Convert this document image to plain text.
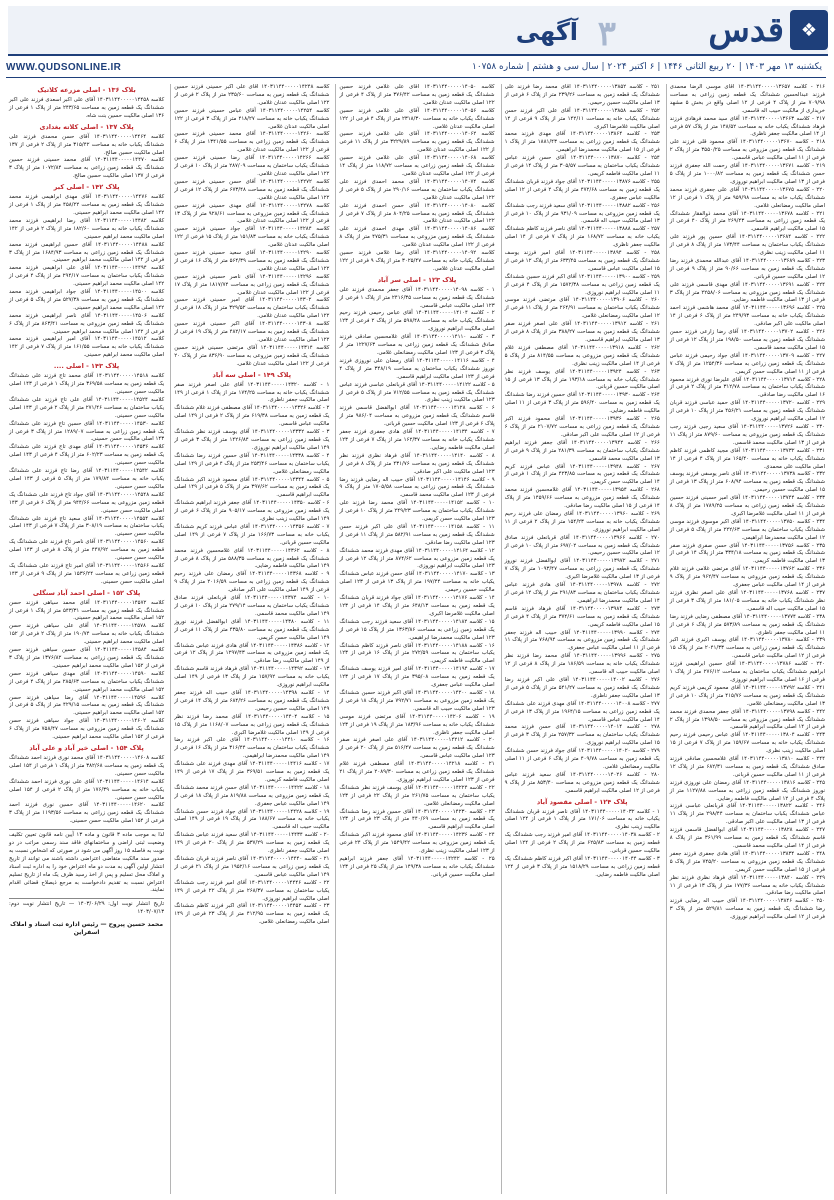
قدس ❖
۳
آگهی
WWW.QUDSONLINE.IR	یکشنبه ۱۳ مهر ۱۴۰۳ | ۲۰ ربیع الثانی ۱۴۴۶ | ۶ اکتبر ۲۰۲۴ | سال سی و هشتم | شماره ۱۰۷۵۸
۲۱۶ - کلاسه ۱۴۰۳۱۱۴۴۰۰۰۰۰۱۳۶۵۷ آقای موسی الرضا محمدی فرزند عبدالحسین ششدانگ یک قطعه زمین زراعی به مساحت ۷۰۹/۹۸ متر از پلاک ۴ فرعی از ۱۲ اصلی واقع در بخش ۵ مشهد خریداری از مالکیت حبیب اله قاسمی.
۲۱۷ - کلاسه ۱۴۰۳۱۱۴۴۰۰۰۰۰۱۳۶۶۳ آقای سید محمد فرهادی فرزند فرهاد ششدانگ یکباب خانه به مساحت ۱۴۸/۵۲ متر از پلاک ۵۷ فرعی از ۱۴ اصلی مالکیت جعفر ناظری.
۲۱۸ - کلاسه ۱۴۰۳۱۱۴۴۰۰۰۰۰۱۳۶۷۰ آقای محمود قلی فرزند علی ششدانگ یک قطعه زمین مزروعی به مساحت ۳۵۵۰/۲۵ متر از پلاک ۲ فرعی از ۱۱ اصلی مالکیت عباس قاسمی.
۲۱۹ - کلاسه ۱۴۰۳۱۱۴۴۰۰۰۰۰۱۳۶۷۱ آقای رحمت الله جعفری فرزند حسن ششدانگ یک قطعه زمین به مساحت ۱۰۰۰/۸۲ متر از پلاک ۵ فرعی از ۱۳ اصلی مالکیت ابراهیم نوروزی.
۲۲۰ - کلاسه ۱۴۰۳۱۱۴۴۰۰۰۰۰۱۳۶۷۵ آقای علی جعفری فرزند محمد ششدانگ یکباب خانه به مساحت ۹۵۹/۹۸ متر از پلاک ۱ فرعی از ۱۲ اصلی مالکیت رمضانعلی غلامی.
۲۲۱ - کلاسه ۱۴۰۳۱۱۴۴۰۰۰۰۰۱۳۶۷۸ آقای محمد ذوالفقار ششدانگ یک قطعه زمین زراعی به مساحت ۲۶۹/۴۳ متر از پلاک ۴۰ فرعی از ۱۵ اصلی مالکیت ابراهیم قاسمی.
۲۲۲ - کلاسه ۱۴۰۳۱۱۴۴۰۰۰۰۰۱۳۶۸۴ آقای حسین پور فرزند علی ششدانگ یکباب ساختمان به مساحت ۱۷۳/۴۴ متر از پلاک ۸ فرعی از ۱۱ اصلی مالکیت زینب نظری.
۲۲۳ - کلاسه ۱۴۰۳۱۱۴۴۰۰۰۰۰۱۳۶۸۹ آقای عبدالله محمدی فرزند رضا ششدانگ یک قطعه زمین به مساحت ۹۰/۶۶ متر از پلاک ۹ فرعی از ۱۲ اصلی مالکیت حسین قربانی.
۲۲۴ - کلاسه ۱۴۰۳۱۱۴۴۰۰۰۰۰۱۳۶۹۱ آقای مهدی قاسمی فرزند علی ششدانگ یک قطعه زمین مزروعی به مساحت ۲۲۵۸/۰۶ متر از پلاک ۳ فرعی از ۱۳ اصلی مالکیت فاطمه رضایی.
۲۲۵ - کلاسه ۱۴۰۳۱۱۴۴۰۰۰۰۰۱۳۶۹۶ آقای محمد هاشمی فرزند احمد ششدانگ یکباب خانه به مساحت ۲۴۹/۹۳ متر از پلاک ۶ فرعی از ۱۴ اصلی مالکیت علی اکبر صادقی.
۲۲۶ - کلاسه ۱۴۰۳۱۱۴۴۰۰۰۰۰۱۳۷۰۲ آقای رضا زارعی فرزند حسن ششدانگ یک قطعه زمین به مساحت ۱۹۸/۵۰ متر از پلاک ۱۲ فرعی از ۱۵ اصلی مالکیت محمد قاسمی.
۲۲۷ - کلاسه ۱۴۰۳۱۱۴۴۰۰۰۰۰۱۳۷۰۹ آقای جواد رحیمی فرزند عباس ششدانگ یک قطعه زمین زراعی به مساحت ۱۲۵۴/۳۶ متر از پلاک ۷ فرعی از ۱۱ اصلی مالکیت حسن کریمی.
۲۲۸ - کلاسه ۱۴۰۳۱۱۴۴۰۰۰۰۰۱۳۷۱۴ آقای علیرضا نوری فرزند محمود ششدانگ یکباب ساختمان به مساحت ۳۱۲/۷۸ متر از پلاک ۲ فرعی از ۱۶ اصلی مالکیت رضا صادقی.
۲۲۹ - کلاسه ۱۴۰۳۱۱۴۴۰۰۰۰۰۱۳۷۲۰ آقای حمید عباسی فرزند قربان ششدانگ یک قطعه زمین به مساحت ۴۵۶/۲۱ متر از پلاک ۱۰ فرعی از ۱۲ اصلی مالکیت ابراهیم نوروزی.
۲۳۰ - کلاسه ۱۴۰۳۱۱۴۴۰۰۰۰۰۱۳۷۲۶ آقای سعید رجبی فرزند رجب ششدانگ یک قطعه زمین مزروعی به مساحت ۸۷۹/۶۰ متر از پلاک ۱۱ فرعی از ۱۳ اصلی مالکیت محمد قاسمی.
۲۳۱ - کلاسه ۱۴۰۳۱۱۴۴۰۰۰۰۰۱۳۷۳۲ آقای مجید کاظمی فرزند کاظم ششدانگ یکباب خانه به مساحت ۱۶۵/۴۰ متر از پلاک ۴ فرعی از ۱۴ اصلی مالکیت علی محمدی.
۲۳۲ - کلاسه ۱۴۰۳۱۱۴۴۰۰۰۰۰۱۳۷۳۸ آقای ناصر یوسفی فرزند یوسف ششدانگ یک قطعه زمین به مساحت ۶۰۸/۹۴ متر از پلاک ۱۳ فرعی از ۱۵ اصلی مالکیت حسین رحیمی.
۲۳۳ - کلاسه ۱۴۰۳۱۱۴۴۰۰۰۰۰۱۳۷۴۴ آقای امیر حسینی فرزند حسین ششدانگ یک قطعه زمین زراعی به مساحت ۱۷۸۹/۲۵ متر از پلاک ۸ فرعی از ۱۱ اصلی مالکیت غلامرضا اکبری.
۲۳۴ - کلاسه ۱۴۰۳۱۱۴۴۰۰۰۰۰۱۳۷۵۰ آقای اکبر موسوی فرزند موسی ششدانگ یکباب ساختمان به مساحت ۲۲۲/۶۳ متر از پلاک ۵ فرعی از ۱۲ اصلی مالکیت محمدرضا ابراهیمی.
۲۳۵ - کلاسه ۱۴۰۳۱۱۴۴۰۰۰۰۰۱۳۷۵۶ آقای حسن صفری فرزند صفر ششدانگ یک قطعه زمین به مساحت ۳۳۴/۱۸ متر از پلاک ۱۴ فرعی از ۱۳ اصلی مالکیت فاطمه کریمی.
۲۳۶ - کلاسه ۱۴۰۳۱۱۴۴۰۰۰۰۰۱۳۷۶۲ آقای مرتضی غلامی فرزند غلام ششدانگ یک قطعه زمین مزروعی به مساحت ۹۶۲/۴۷ متر از پلاک ۹ فرعی از ۱۴ اصلی مالکیت عباس جعفری.
۲۳۷ - کلاسه ۱۴۰۳۱۱۴۴۰۰۰۰۰۱۳۷۶۸ آقای علی اصغر نظری فرزند نظر ششدانگ یکباب خانه به مساحت ۱۸۱/۰۵ متر از پلاک ۳ فرعی از ۱۵ اصلی مالکیت حبیب اله قاسمی.
۲۳۸ - کلاسه ۱۴۰۳۱۱۴۴۰۰۰۰۰۱۳۷۷۴ آقای مصطفی رضایی فرزند رضا ششدانگ یک قطعه زمین به مساحت ۵۷۳/۸۹ متر از پلاک ۶ فرعی از ۱۱ اصلی مالکیت جعفر ناظری.
۲۳۹ - کلاسه ۱۴۰۳۱۱۴۴۰۰۰۰۰۱۳۷۸۰ آقای یوسف اکبری فرزند اکبر ششدانگ یک قطعه زمین زراعی به مساحت ۲۰۴۱/۳۳ متر از پلاک ۱۵ فرعی از ۱۲ اصلی مالکیت عباس قاسمی.
۲۴۰ - کلاسه ۱۴۰۳۱۱۴۴۰۰۰۰۰۱۳۷۸۶ آقای حسین ابراهیمی فرزند ابراهیم ششدانگ یکباب ساختمان به مساحت ۲۷۶/۱۲ متر از پلاک ۱ فرعی از ۱۶ اصلی مالکیت ابراهیم نوروزی.
۲۴۱ - کلاسه ۱۴۰۳۱۱۴۴۰۰۰۰۰۱۳۷۹۲ آقای محمود کریمی فرزند کریم ششدانگ یک قطعه زمین به مساحت ۴۱۵/۷۶ متر از پلاک ۱۰ فرعی از ۱۳ اصلی مالکیت رمضانعلی غلامی.
۲۴۲ - کلاسه ۱۴۰۳۱۱۴۴۰۰۰۰۰۱۳۷۹۸ آقای جعفر محمدی فرزند محمد ششدانگ یک قطعه زمین مزروعی به مساحت ۱۳۹۸/۵۰ متر از پلاک ۲ فرعی از ۱۴ اصلی مالکیت ابراهیم قاسمی.
۲۴۳ - کلاسه ۱۴۰۳۱۱۴۴۰۰۰۰۰۱۳۸۰۴ آقای عباس رحیمی فرزند رحیم ششدانگ یکباب خانه به مساحت ۱۵۹/۶۷ متر از پلاک ۷ فرعی از ۱۵ اصلی مالکیت زینب نظری.
۲۴۴ - کلاسه ۱۴۰۳۱۱۴۴۰۰۰۰۰۱۳۸۱۰ آقای غلامحسین صادقی فرزند صادق ششدانگ یک قطعه زمین به مساحت ۶۸۲/۳۱ متر از پلاک ۱۲ فرعی از ۱۱ اصلی مالکیت حسین قربانی.
۲۴۵ - کلاسه ۱۴۰۳۱۱۴۴۰۰۰۰۰۱۳۸۱۶ آقای رمضان علی نوروزی فرزند نوروز ششدانگ یک قطعه زمین زراعی به مساحت ۱۱۲۷/۸۸ متر از پلاک ۴ فرعی از ۱۲ اصلی مالکیت فاطمه رضایی.
۲۴۶ - کلاسه ۱۴۰۳۱۱۴۴۰۰۰۰۰۱۳۸۲۲ آقای قربانعلی عباسی فرزند عباس ششدانگ یکباب ساختمان به مساحت ۲۹۸/۴۴ متر از پلاک ۱۱ فرعی از ۱۳ اصلی مالکیت علی اکبر صادقی.
۲۴۷ - کلاسه ۱۴۰۳۱۱۴۴۰۰۰۰۰۱۳۸۲۸ آقای ابوالفضل قاسمی فرزند قاسم ششدانگ یک قطعه زمین به مساحت ۳۶۱/۹۹ متر از پلاک ۸ فرعی از ۱۴ اصلی مالکیت محمد قاسمی.
۲۴۸ - کلاسه ۱۴۰۳۱۱۴۴۰۰۰۰۰۱۳۸۳۴ آقای هادی جعفری فرزند جعفر ششدانگ یک قطعه زمین مزروعی به مساحت ۷۴۵/۲۰ متر از پلاک ۵ فرعی از ۱۵ اصلی مالکیت حسن کریمی.
۲۴۹ - کلاسه ۱۴۰۳۱۱۴۴۰۰۰۰۰۱۳۸۴۰ آقای فرهاد نظری فرزند نظر ششدانگ یکباب خانه به مساحت ۱۷۷/۳۶ متر از پلاک ۱۳ فرعی از ۱۱ اصلی مالکیت رضا صادقی.
۲۵۰ - کلاسه ۱۴۰۳۱۱۴۴۰۰۰۰۰۱۳۸۴۶ آقای حبیب اله رضایی فرزند رضا ششدانگ یک قطعه زمین به مساحت ۵۲۹/۸۱ متر از پلاک ۳ فرعی از ۱۲ اصلی مالکیت ابراهیم نوروزی.
۲۵۱ - کلاسه ۱۴۰۳۱۱۴۴۰۰۰۰۰۱۳۸۵۲ آقای محمد رضا فرزند علی ششدانگ یک قطعه زمین به مساحت ۲۳۹/۲۶ متر از پلاک ۶ فرعی از ۱۳ اصلی مالکیت حسین رحیمی.
۲۵۲ - کلاسه ۱۴۰۳۱۱۴۴۰۰۰۰۰۱۳۸۵۸ آقای علی اکبر فرزند حسن ششدانگ یکباب خانه به مساحت ۱۴۲/۱۱ متر از پلاک ۹ فرعی از ۱۴ اصلی مالکیت غلامرضا اکبری.
۲۵۳ - کلاسه ۱۴۰۳۱۱۴۴۰۰۰۰۰۱۳۸۶۴ آقای مهدی فرزند محمد ششدانگ یک قطعه زمین زراعی به مساحت ۱۸۸۱/۴۳ متر از پلاک ۱ فرعی از ۱۵ اصلی مالکیت محمدرضا ابراهیمی.
۲۵۴ - کلاسه ۱۴۰۳۱۱۴۴۰۰۰۰۰۱۳۸۷۰ آقای حسن فرزند عباس ششدانگ یکباب ساختمان به مساحت ۳۰۵/۵۷ متر از پلاک ۱۴ فرعی از ۱۱ اصلی مالکیت فاطمه کریمی.
۲۵۵ - کلاسه ۱۴۰۳۱۱۴۴۰۰۰۰۰۱۳۸۷۶ آقای جواد فرزند قربان ششدانگ یک قطعه زمین به مساحت ۴۷۲/۶۸ متر از پلاک ۲ فرعی از ۱۲ اصلی مالکیت عباس جعفری.
۲۵۶ - کلاسه ۱۴۰۳۱۱۴۴۰۰۰۰۰۱۳۸۸۲ آقای سعید فرزند رجب ششدانگ یک قطعه زمین مزروعی به مساحت ۹۳۱/۰۹ متر از پلاک ۱۰ فرعی از ۱۳ اصلی مالکیت حبیب اله قاسمی.
۲۵۷ - کلاسه ۱۴۰۳۱۱۴۴۰۰۰۰۰۱۳۸۸۸ آقای ناصر فرزند کاظم ششدانگ یکباب خانه به مساحت ۱۶۸/۷۲ متر از پلاک ۷ فرعی از ۱۴ اصلی مالکیت جعفر ناظری.
۲۵۸ - کلاسه ۱۴۰۳۱۱۴۴۰۰۰۰۰۱۳۸۹۴ آقای امیر فرزند یوسف ششدانگ یک قطعه زمین به مساحت ۶۳۳/۴۵ متر از پلاک ۱۲ فرعی از ۱۵ اصلی مالکیت عباس قاسمی.
۲۵۹ - کلاسه ۱۴۰۳۱۱۴۴۰۰۰۰۰۱۳۹۰۰ آقای اکبر فرزند حسین ششدانگ یک قطعه زمین زراعی به مساحت ۱۵۷۲/۳۸ متر از پلاک ۴ فرعی از ۱۱ اصلی مالکیت ابراهیم نوروزی.
۲۶۰ - کلاسه ۱۴۰۳۱۱۴۴۰۰۰۰۰۱۳۹۰۶ آقای مرتضی فرزند موسی ششدانگ یکباب ساختمان به مساحت ۲۶۴/۹۱ متر از پلاک ۱۱ فرعی از ۱۲ اصلی مالکیت رمضانعلی غلامی.
۲۶۱ - کلاسه ۱۴۰۳۱۱۴۴۰۰۰۰۰۱۳۹۱۲ آقای علی اصغر فرزند صفر ششدانگ یک قطعه زمین به مساحت ۳۸۸/۲۷ متر از پلاک ۸ فرعی از ۱۳ اصلی مالکیت ابراهیم قاسمی.
۲۶۲ - کلاسه ۱۴۰۳۱۱۴۴۰۰۰۰۰۱۳۹۱۸ آقای مصطفی فرزند غلام ششدانگ یک قطعه زمین مزروعی به مساحت ۸۱۴/۵۵ متر از پلاک ۵ فرعی از ۱۴ اصلی مالکیت زینب نظری.
۲۶۳ - کلاسه ۱۴۰۳۱۱۴۴۰۰۰۰۰۱۳۹۲۴ آقای یوسف فرزند نظر ششدانگ یکباب خانه به مساحت ۱۹۳/۱۸ متر از پلاک ۱۳ فرعی از ۱۵ اصلی مالکیت حسین قربانی.
۲۶۴ - کلاسه ۱۴۰۳۱۱۴۴۰۰۰۰۰۱۳۹۳۰ آقای حسین فرزند رضا ششدانگ یک قطعه زمین به مساحت ۵۹۶/۴۰ متر از پلاک ۳ فرعی از ۱۱ اصلی مالکیت فاطمه رضایی.
۲۶۵ - کلاسه ۱۴۰۳۱۱۴۴۰۰۰۰۰۱۳۹۳۶ آقای محمود فرزند اکبر ششدانگ یک قطعه زمین زراعی به مساحت ۲۱۰۷/۷۲ متر از پلاک ۶ فرعی از ۱۲ اصلی مالکیت علی اکبر صادقی.
۲۶۶ - کلاسه ۱۴۰۳۱۱۴۴۰۰۰۰۰۱۳۹۴۲ آقای جعفر فرزند ابراهیم ششدانگ یکباب ساختمان به مساحت ۲۸۱/۳۹ متر از پلاک ۹ فرعی از ۱۳ اصلی مالکیت محمد قاسمی.
۲۶۷ - کلاسه ۱۴۰۳۱۱۴۴۰۰۰۰۰۱۳۹۴۸ آقای عباس فرزند کریم ششدانگ یک قطعه زمین به مساحت ۴۲۳/۸۵ متر از پلاک ۱ فرعی از ۱۴ اصلی مالکیت حسن کریمی.
۲۶۸ - کلاسه ۱۴۰۳۱۱۴۴۰۰۰۰۰۱۳۹۵۴ آقای غلامحسین فرزند محمد ششدانگ یک قطعه زمین مزروعی به مساحت ۱۴۵۹/۶۶ متر از پلاک ۱۴ فرعی از ۱۵ اصلی مالکیت رضا صادقی.
۲۶۹ - کلاسه ۱۴۰۳۱۱۴۴۰۰۰۰۰۱۳۹۶۰ آقای رمضان علی فرزند رحیم ششدانگ یکباب خانه به مساحت ۱۵۴/۲۳ متر از پلاک ۲ فرعی از ۱۱ اصلی مالکیت ابراهیم نوروزی.
۲۷۰ - کلاسه ۱۴۰۳۱۱۴۴۰۰۰۰۰۱۳۹۶۶ آقای قربانعلی فرزند صادق ششدانگ یک قطعه زمین به مساحت ۶۹۷/۰۲ متر از پلاک ۱۰ فرعی از ۱۲ اصلی مالکیت حسین رحیمی.
۲۷۱ - کلاسه ۱۴۰۳۱۱۴۴۰۰۰۰۰۱۳۹۷۲ آقای ابوالفضل فرزند نوروز ششدانگ یک قطعه زمین زراعی به مساحت ۱۰۹۳/۴۷ متر از پلاک ۷ فرعی از ۱۳ اصلی مالکیت غلامرضا اکبری.
۲۷۲ - کلاسه ۱۴۰۳۱۱۴۴۰۰۰۰۰۱۳۹۷۸ آقای هادی فرزند عباس ششدانگ یکباب ساختمان به مساحت ۲۹۱/۸۳ متر از پلاک ۱۲ فرعی از ۱۴ اصلی مالکیت محمدرضا ابراهیمی.
۲۷۳ - کلاسه ۱۴۰۳۱۱۴۴۰۰۰۰۰۱۳۹۸۴ آقای فرهاد فرزند قاسم ششدانگ یک قطعه زمین به مساحت ۳۷۴/۶۱ متر از پلاک ۴ فرعی از ۱۵ اصلی مالکیت فاطمه کریمی.
۲۷۴ - کلاسه ۱۴۰۳۱۱۴۴۰۰۰۰۰۱۳۹۹۰ آقای حبیب اله فرزند جعفر ششدانگ یک قطعه زمین مزروعی به مساحت ۷۶۸/۹۴ متر از پلاک ۱۱ فرعی از ۱۱ اصلی مالکیت عباس جعفری.
۲۷۵ - کلاسه ۱۴۰۳۱۱۴۴۰۰۰۰۰۱۳۹۹۶ آقای محمد رضا فرزند نظر ششدانگ یکباب خانه به مساحت ۱۸۶/۵۹ متر از پلاک ۸ فرعی از ۱۲ اصلی مالکیت حبیب اله قاسمی.
۲۷۶ - کلاسه ۱۴۰۳۱۱۴۴۰۰۰۰۰۱۴۰۰۲ آقای علی اکبر فرزند رضا ششدانگ یک قطعه زمین به مساحت ۵۴۱/۲۷ متر از پلاک ۵ فرعی از ۱۳ اصلی مالکیت جعفر ناظری.
۲۷۷ - کلاسه ۱۴۰۳۱۱۴۴۰۰۰۰۰۱۴۰۰۸ آقای مهدی فرزند علی ششدانگ یک قطعه زمین زراعی به مساحت ۱۹۶۴/۱۵ متر از پلاک ۱۳ فرعی از ۱۴ اصلی مالکیت عباس قاسمی.
۲۷۸ - کلاسه ۱۴۰۳۱۱۴۴۰۰۰۰۰۱۴۰۱۴ آقای حسن فرزند محمد ششدانگ یکباب ساختمان به مساحت ۲۵۷/۳۲ متر از پلاک ۳ فرعی از ۱۵ اصلی مالکیت ابراهیم نوروزی.
۲۷۹ - کلاسه ۱۴۰۳۱۱۴۴۰۰۰۰۰۱۴۰۲۰ آقای جواد فرزند حسن ششدانگ یک قطعه زمین به مساحت ۴۰۹/۷۸ متر از پلاک ۶ فرعی از ۱۱ اصلی مالکیت رمضانعلی غلامی.
۲۸۰ - کلاسه ۱۴۰۳۱۱۴۴۰۰۰۰۰۱۴۰۲۶ آقای سعید فرزند عباس ششدانگ یک قطعه زمین مزروعی به مساحت ۸۵۳/۴۰ متر از پلاک ۹ فرعی از ۱۲ اصلی مالکیت ابراهیم قاسمی.
پلاک ۱۲۴ - اصلی مقصود آباد
۱ - کلاسه ۱۴۰۳۱۱۴۴۰۰۰۰۰۱۴۰۳۲ آقای ناصر فرزند قربان ششدانگ یکباب خانه به مساحت ۱۷۱/۰۶ متر از پلاک ۱ فرعی از ۱۲۴ اصلی مالکیت زینب نظری.
۲ - کلاسه ۱۴۰۳۱۱۴۴۰۰۰۰۰۱۴۰۳۸ آقای امیر فرزند رجب ششدانگ یک قطعه زمین به مساحت ۶۲۵/۸۳ متر از پلاک ۲ فرعی از ۱۲۴ اصلی مالکیت حسین قربانی.
۳ - کلاسه ۱۴۰۳۱۱۴۴۰۰۰۰۰۱۴۰۴۴ آقای اکبر فرزند کاظم ششدانگ یک قطعه زمین زراعی به مساحت ۱۵۱۸/۲۹ متر از پلاک ۳ فرعی از ۱۲۴ اصلی مالکیت فاطمه رضایی.
کلاسه ۱۴۰۳۱۱۴۴۰۰۰۰۰۱۴۰۵۰ آقای علی غلامی فرزند حسین ششدانگ یک قطعه زمین به مساحت ۳۷۶/۴۲ متر از پلاک ۴ فرعی از ۱۲۲ اصلی مالکیت عدنان غلامی.
کلاسه ۱۴۰۳۱۱۴۴۰۰۰۰۰۱۴۰۵۶ آقای علی غلامی فرزند حسین ششدانگ یکباب خانه به مساحت ۲۳۱۸/۳۰ متر از پلاک ۴ فرعی از ۱۲۲ اصلی مالکیت عدنان غلامی.
کلاسه ۱۴۰۳۱۱۴۴۰۰۰۰۰۱۴۰۶۲ آقای علی غلامی فرزند حسین ششدانگ یک قطعه زمین به مساحت ۳۲۲۹/۸۹ متر از پلاک ۱۱ فرعی از ۱۲۲ اصلی مالکیت عدنان غلامی.
کلاسه ۱۴۰۳۱۱۴۴۰۰۰۰۰۱۴۰۶۸ آقای علی غلامی فرزند حسین ششدانگ یک قطعه زمین زراعی به مساحت ۱۱۸/۷۲ متر از پلاک ۱۴ فرعی از ۱۲۲ اصلی مالکیت عدنان غلامی.
کلاسه ۱۴۰۳۱۱۴۴۰۰۰۰۰۱۴۰۷۴ آقای محمد احمدی فرزند علی ششدانگ یکباب ساختمان به مساحت ۲۹۰/۱۶ متر از پلاک ۵ فرعی از ۱۲۲ اصلی مالکیت عدنان غلامی.
کلاسه ۱۴۰۳۱۱۴۴۰۰۰۰۰۱۴۰۸۰ آقای حسن احمدی فرزند علی ششدانگ یک قطعه زمین به مساحت ۸۰۴/۲۵ متر از پلاک ۷ فرعی از ۱۲۲ اصلی مالکیت عدنان غلامی.
کلاسه ۱۴۰۳۱۱۴۴۰۰۰۰۰۱۴۰۸۶ آقای مهدی احمدی فرزند علی ششدانگ یک قطعه زمین مزروعی به مساحت ۴۷۵/۳۱ متر از پلاک ۸ فرعی از ۱۲۲ اصلی مالکیت عدنان غلامی.
کلاسه ۱۴۰۳۱۱۴۴۰۰۰۰۰۱۴۰۹۲ آقای رضا غلامی فرزند حسین ششدانگ یکباب خانه به مساحت ۳۰۲۵/۴۷ متر از پلاک ۹ فرعی از ۱۲۲ اصلی مالکیت عدنان غلامی.
پلاک ۱۲۳ - اصلی سر آباد
۱ - کلاسه ۱۴۰۳۱۱۴۴۰۰۰۰۰۱۴۰۹۸ آقای جعفر محمدی فرزند علی ششدانگ یک قطعه زمین به مساحت ۲۴۱۶/۳۵ متر از پلاک ۱ فرعی از ۱۲۳ اصلی مالکیت عباس قاسمی.
۲ - کلاسه ۱۴۰۳۱۱۴۴۰۰۰۰۰۱۴۱۰۴ آقای عباس رحیمی فرزند رحیم ششدانگ یکباب خانه به مساحت ۵۹۸/۴۸ متر از پلاک ۲ فرعی از ۱۲۳ اصلی مالکیت ابراهیم نوروزی.
۳ - کلاسه ۱۴۰۳۱۱۴۴۰۰۰۰۰۱۴۱۱۰ آقای غلامحسین صادقی فرزند صادق ششدانگ یک قطعه زمین زراعی به مساحت ۱۲۲۷/۶۳ متر از پلاک ۳ فرعی از ۱۲۳ اصلی مالکیت رمضانعلی غلامی.
۴ - کلاسه ۱۴۰۳۱۱۴۴۰۰۰۰۰۱۴۱۱۶ آقای رمضان علی نوروزی فرزند نوروز ششدانگ یکباب ساختمان به مساحت ۳۴۸/۱۹ متر از پلاک ۴ فرعی از ۱۲۳ اصلی مالکیت ابراهیم قاسمی.
۵ - کلاسه ۱۴۰۳۱۱۴۴۰۰۰۰۰۱۴۱۲۲ آقای قربانعلی عباسی فرزند عباس ششدانگ یک قطعه زمین به مساحت ۷۱۲/۵۵ متر از پلاک ۵ فرعی از ۱۲۳ اصلی مالکیت زینب نظری.
۶ - کلاسه ۱۴۰۳۱۱۴۴۰۰۰۰۰۱۴۱۲۸ آقای ابوالفضل قاسمی فرزند قاسم ششدانگ یک قطعه زمین مزروعی به مساحت ۹۸۶/۰۴ متر از پلاک ۶ فرعی از ۱۲۳ اصلی مالکیت حسین قربانی.
۷ - کلاسه ۱۴۰۳۱۱۴۴۰۰۰۰۰۱۴۱۳۴ آقای هادی جعفری فرزند جعفر ششدانگ یکباب خانه به مساحت ۱۶۲/۳۷ متر از پلاک ۷ فرعی از ۱۲۳ اصلی مالکیت فاطمه رضایی.
۸ - کلاسه ۱۴۰۳۱۱۴۴۰۰۰۰۰۱۴۱۴۰ آقای فرهاد نظری فرزند نظر ششدانگ یک قطعه زمین به مساحت ۴۳۱/۷۶ متر از پلاک ۸ فرعی از ۱۲۳ اصلی مالکیت علی اکبر صادقی.
۹ - کلاسه ۱۴۰۳۱۱۴۴۰۰۰۰۰۱۴۱۴۶ آقای حبیب اله رضایی فرزند رضا ششدانگ یک قطعه زمین زراعی به مساحت ۱۷۰۵/۵۸ متر از پلاک ۹ فرعی از ۱۲۳ اصلی مالکیت محمد قاسمی.
۱۰ - کلاسه ۱۴۰۳۱۱۴۴۰۰۰۰۰۱۴۱۵۲ آقای محمد رضا فرزند علی ششدانگ یکباب ساختمان به مساحت ۲۴۹/۲۳ متر از پلاک ۱۰ فرعی از ۱۲۳ اصلی مالکیت حسن کریمی.
۱۱ - کلاسه ۱۴۰۳۱۱۴۴۰۰۰۰۰۱۴۱۵۸ آقای علی اکبر فرزند حسن ششدانگ یک قطعه زمین به مساحت ۵۸۲/۹۱ متر از پلاک ۱۱ فرعی از ۱۲۳ اصلی مالکیت رضا صادقی.
۱۲ - کلاسه ۱۴۰۳۱۱۴۴۰۰۰۰۰۱۴۱۶۴ آقای مهدی فرزند محمد ششدانگ یک قطعه زمین مزروعی به مساحت ۸۷۴/۶۲ متر از پلاک ۱۲ فرعی از ۱۲۳ اصلی مالکیت ابراهیم نوروزی.
۱۳ - کلاسه ۱۴۰۳۱۱۴۴۰۰۰۰۰۱۴۱۷۰ آقای حسن فرزند عباس ششدانگ یکباب خانه به مساحت ۱۹۷/۴۴ متر از پلاک ۱۳ فرعی از ۱۲۳ اصلی مالکیت حسین رحیمی.
۱۴ - کلاسه ۱۴۰۳۱۱۴۴۰۰۰۰۰۱۴۱۷۶ آقای جواد فرزند قربان ششدانگ یک قطعه زمین به مساحت ۶۴۸/۱۳ متر از پلاک ۱۴ فرعی از ۱۲۳ اصلی مالکیت غلامرضا اکبری.
۱۵ - کلاسه ۱۴۰۳۱۱۴۴۰۰۰۰۰۱۴۱۸۲ آقای سعید فرزند رجب ششدانگ یک قطعه زمین زراعی به مساحت ۱۳۶۳/۸۶ متر از پلاک ۱۵ فرعی از ۱۲۳ اصلی مالکیت محمدرضا ابراهیمی.
۱۶ - کلاسه ۱۴۰۳۱۱۴۴۰۰۰۰۰۱۴۱۸۸ آقای ناصر فرزند کاظم ششدانگ یکباب ساختمان به مساحت ۲۷۲/۵۹ متر از پلاک ۱۶ فرعی از ۱۲۳ اصلی مالکیت فاطمه کریمی.
۱۷ - کلاسه ۱۴۰۳۱۱۴۴۰۰۰۰۰۱۴۱۹۴ آقای امیر فرزند یوسف ششدانگ یک قطعه زمین به مساحت ۳۹۵/۰۸ متر از پلاک ۱۷ فرعی از ۱۲۳ اصلی مالکیت عباس جعفری.
۱۸ - کلاسه ۱۴۰۳۱۱۴۴۰۰۰۰۰۱۴۲۰۰ آقای اکبر فرزند حسین ششدانگ یک قطعه زمین مزروعی به مساحت ۷۹۲/۷۱ متر از پلاک ۱۸ فرعی از ۱۲۳ اصلی مالکیت حبیب اله قاسمی.
۱۹ - کلاسه ۱۴۰۳۱۱۴۴۰۰۰۰۰۱۴۲۰۶ آقای مرتضی فرزند موسی ششدانگ یکباب خانه به مساحت ۱۸۳/۹۶ متر از پلاک ۱۹ فرعی از ۱۲۳ اصلی مالکیت جعفر ناظری.
۲۰ - کلاسه ۱۴۰۳۱۱۴۴۰۰۰۰۰۱۴۲۱۲ آقای علی اصغر فرزند صفر ششدانگ یک قطعه زمین به مساحت ۵۱۶/۴۷ متر از پلاک ۲۰ فرعی از ۱۲۳ اصلی مالکیت عباس قاسمی.
۲۱ - کلاسه ۱۴۰۳۱۱۴۴۰۰۰۰۰۱۴۲۱۸ آقای مصطفی فرزند غلام ششدانگ یک قطعه زمین زراعی به مساحت ۲۰۸۹/۳۰ متر از پلاک ۲۱ فرعی از ۱۲۳ اصلی مالکیت ابراهیم نوروزی.
۲۲ - کلاسه ۱۴۰۳۱۱۴۴۰۰۰۰۰۱۴۲۲۴ آقای یوسف فرزند نظر ششدانگ یکباب ساختمان به مساحت ۲۶۱/۷۵ متر از پلاک ۲۲ فرعی از ۱۲۳ اصلی مالکیت رمضانعلی غلامی.
۲۳ - کلاسه ۱۴۰۳۱۱۴۴۰۰۰۰۰۱۴۲۳۰ آقای حسین فرزند رضا ششدانگ یک قطعه زمین به مساحت ۴۴۰/۶۹ متر از پلاک ۲۳ فرعی از ۱۲۳ اصلی مالکیت ابراهیم قاسمی.
۲۴ - کلاسه ۱۴۰۳۱۱۴۴۰۰۰۰۰۱۴۲۳۶ آقای محمود فرزند اکبر ششدانگ یک قطعه زمین مزروعی به مساحت ۱۵۴۹/۴۲ متر از پلاک ۲۴ فرعی از ۱۲۳ اصلی مالکیت زینب نظری.
۲۵ - کلاسه ۱۴۰۳۱۱۴۴۰۰۰۰۰۱۴۲۴۲ آقای جعفر فرزند ابراهیم ششدانگ یکباب خانه به مساحت ۱۴۹/۳۸ متر از پلاک ۲۵ فرعی از ۱۲۳ اصلی مالکیت حسین قربانی.
کلاسه ۱۴۰۳۱۱۴۴۰۰۰۰۰۱۴۲۴۸ آقای علی اکبر حسینی فرزند حسین ششدانگ یک قطعه زمین به مساحت ۲۳۵/۶۰ متر از پلاک ۲ فرعی از ۱۲۲ اصلی مالکیت عدنان غلامی.
کلاسه ۱۴۰۳۱۱۴۴۰۰۰۰۰۱۴۲۵۴ آقای عباس حسینی فرزند حسین ششدانگ یکباب خانه به مساحت ۴۱۸/۲۷ متر از پلاک ۳ فرعی از ۱۲۲ اصلی مالکیت عدنان غلامی.
کلاسه ۱۴۰۳۱۱۴۴۰۰۰۰۰۱۴۲۶۰ آقای محمد حسینی فرزند حسین ششدانگ یک قطعه زمین زراعی به مساحت ۱۳۴۱/۵۵ متر از پلاک ۶ فرعی از ۱۲۲ اصلی مالکیت عدنان غلامی.
کلاسه ۱۴۰۳۱۱۴۴۰۰۰۰۰۱۴۲۶۶ آقای رضا حسینی فرزند حسین ششدانگ یکباب ساختمان به مساحت ۲۸۷/۰۹ متر از پلاک ۱۰ فرعی از ۱۲۲ اصلی مالکیت عدنان غلامی.
کلاسه ۱۴۰۳۱۱۴۴۰۰۰۰۰۱۴۲۷۲ آقای حسن حسینی فرزند حسین ششدانگ یک قطعه زمین به مساحت ۶۷۳/۴۸ متر از پلاک ۱۲ فرعی از ۱۲۲ اصلی مالکیت عدنان غلامی.
کلاسه ۱۴۰۳۱۱۴۴۰۰۰۰۰۱۴۲۷۸ آقای مهدی حسینی فرزند حسین ششدانگ یک قطعه زمین مزروعی به مساحت ۹۲۸/۶۱ متر از پلاک ۱۳ فرعی از ۱۲۲ اصلی مالکیت عدنان غلامی.
کلاسه ۱۴۰۳۱۱۴۴۰۰۰۰۰۱۴۲۸۴ آقای جواد حسینی فرزند حسین ششدانگ یکباب خانه به مساحت ۱۵۱/۸۳ متر از پلاک ۱۵ فرعی از ۱۲۲ اصلی مالکیت عدنان غلامی.
کلاسه ۱۴۰۳۱۱۴۴۰۰۰۰۰۱۴۲۹۰ آقای سعید حسینی فرزند حسین ششدانگ یک قطعه زمین به مساحت ۵۶۴/۳۹ متر از پلاک ۱۶ فرعی از ۱۲۲ اصلی مالکیت عدنان غلامی.
کلاسه ۱۴۰۳۱۱۴۴۰۰۰۰۰۱۴۲۹۶ آقای ناصر حسینی فرزند حسین ششدانگ یک قطعه زمین زراعی به مساحت ۱۸۱۷/۷۴ متر از پلاک ۱۷ فرعی از ۱۲۲ اصلی مالکیت عدنان غلامی.
کلاسه ۱۴۰۳۱۱۴۴۰۰۰۰۰۱۴۳۰۲ آقای امیر حسینی فرزند حسین ششدانگ یکباب ساختمان به مساحت ۳۲۹/۵۲ متر از پلاک ۱۸ فرعی از ۱۲۲ اصلی مالکیت عدنان غلامی.
کلاسه ۱۴۰۳۱۱۴۴۰۰۰۰۰۱۴۳۰۸ آقای اکبر حسینی فرزند حسین ششدانگ یک قطعه زمین به مساحت ۴۸۲/۱۷ متر از پلاک ۱۹ فرعی از ۱۲۲ اصلی مالکیت عدنان غلامی.
کلاسه ۱۴۰۳۱۱۴۴۰۰۰۰۰۱۴۳۱۴ آقای مرتضی حسینی فرزند حسین ششدانگ یک قطعه زمین مزروعی به مساحت ۸۳۶/۹۰ متر از پلاک ۲۰ فرعی از ۱۲۲ اصلی مالکیت عدنان غلامی.
پلاک ۱۴۹ - اصلی سه آباد
۱ - کلاسه ۱۴۰۳۱۱۴۴۰۰۰۰۰۱۴۳۲۰ آقای علی اصغر فرزند صفر ششدانگ یکباب خانه به مساحت ۱۷۴/۲۵ متر از پلاک ۱ فرعی از ۱۴۹ اصلی مالکیت جعفر ناظری.
۲ - کلاسه ۱۴۰۳۱۱۴۴۰۰۰۰۰۱۴۳۲۶ آقای مصطفی فرزند غلام ششدانگ یک قطعه زمین به مساحت ۶۱۹/۳۸ متر از پلاک ۲ فرعی از ۱۴۹ اصلی مالکیت عباس قاسمی.
۳ - کلاسه ۱۴۰۳۱۱۴۴۰۰۰۰۰۱۴۳۳۲ آقای یوسف فرزند نظر ششدانگ یک قطعه زمین زراعی به مساحت ۱۴۲۶/۸۴ متر از پلاک ۳ فرعی از ۱۴۹ اصلی مالکیت ابراهیم نوروزی.
۴ - کلاسه ۱۴۰۳۱۱۴۴۰۰۰۰۰۱۴۳۳۸ آقای حسین فرزند رضا ششدانگ یکباب ساختمان به مساحت ۲۵۳/۴۶ متر از پلاک ۴ فرعی از ۱۴۹ اصلی مالکیت رمضانعلی غلامی.
۵ - کلاسه ۱۴۰۳۱۱۴۴۰۰۰۰۰۱۴۳۴۴ آقای محمود فرزند اکبر ششدانگ یک قطعه زمین به مساحت ۳۹۷/۶۲ متر از پلاک ۵ فرعی از ۱۴۹ اصلی مالکیت ابراهیم قاسمی.
۶ - کلاسه ۱۴۰۳۱۱۴۴۰۰۰۰۰۱۴۳۵۰ آقای جعفر فرزند ابراهیم ششدانگ یک قطعه زمین مزروعی به مساحت ۹۰۵/۱۷ متر از پلاک ۶ فرعی از ۱۴۹ اصلی مالکیت زینب نظری.
۷ - کلاسه ۱۴۰۳۱۱۴۴۰۰۰۰۰۱۴۳۵۶ آقای عباس فرزند کریم ششدانگ یکباب خانه به مساحت ۱۶۶/۷۳ متر از پلاک ۷ فرعی از ۱۴۹ اصلی مالکیت حسین قربانی.
۸ - کلاسه ۱۴۰۳۱۱۴۴۰۰۰۰۰۱۴۳۶۲ آقای غلامحسین فرزند محمد ششدانگ یک قطعه زمین به مساحت ۵۸۸/۳۵ متر از پلاک ۸ فرعی از ۱۴۹ اصلی مالکیت فاطمه رضایی.
۹ - کلاسه ۱۴۰۳۱۱۴۴۰۰۰۰۰۱۴۳۶۸ آقای رمضان علی فرزند رحیم ششدانگ یک قطعه زمین زراعی به مساحت ۲۰۱۶/۵۹ متر از پلاک ۹ فرعی از ۱۴۹ اصلی مالکیت علی اکبر صادقی.
۱۰ - کلاسه ۱۴۰۳۱۱۴۴۰۰۰۰۰۱۴۳۷۴ آقای قربانعلی فرزند صادق ششدانگ یکباب ساختمان به مساحت ۲۷۹/۱۴ متر از پلاک ۱۰ فرعی از ۱۴۹ اصلی مالکیت محمد قاسمی.
۱۱ - کلاسه ۱۴۰۳۱۱۴۴۰۰۰۰۰۱۴۳۸۰ آقای ابوالفضل فرزند نوروز ششدانگ یک قطعه زمین به مساحت ۴۳۵/۸۰ متر از پلاک ۱۱ فرعی از ۱۴۹ اصلی مالکیت حسن کریمی.
۱۲ - کلاسه ۱۴۰۳۱۱۴۴۰۰۰۰۰۱۴۳۸۶ آقای هادی فرزند عباس ششدانگ یک قطعه زمین مزروعی به مساحت ۱۲۹۷/۴۳ متر از پلاک ۱۲ فرعی از ۱۴۹ اصلی مالکیت رضا صادقی.
۱۳ - کلاسه ۱۴۰۳۱۱۴۴۰۰۰۰۰۱۴۳۹۲ آقای فرهاد فرزند قاسم ششدانگ یکباب خانه به مساحت ۱۵۷/۹۲ متر از پلاک ۱۳ فرعی از ۱۴۹ اصلی مالکیت ابراهیم نوروزی.
۱۴ - کلاسه ۱۴۰۳۱۱۴۴۰۰۰۰۰۱۴۳۹۸ آقای حبیب اله فرزند جعفر ششدانگ یک قطعه زمین به مساحت ۶۸۴/۲۶ متر از پلاک ۱۴ فرعی از ۱۴۹ اصلی مالکیت حسین رحیمی.
۱۵ - کلاسه ۱۴۰۳۱۱۴۴۰۰۰۰۰۱۴۴۰۴ آقای محمد رضا فرزند نظر ششدانگ یک قطعه زمین زراعی به مساحت ۱۱۶۸/۰۷ متر از پلاک ۱۵ فرعی از ۱۴۹ اصلی مالکیت غلامرضا اکبری.
۱۶ - کلاسه ۱۴۰۳۱۱۴۴۰۰۰۰۰۱۴۴۱۰ آقای علی اکبر فرزند رضا ششدانگ یکباب ساختمان به مساحت ۳۱۶/۴۴ متر از پلاک ۱۶ فرعی از ۱۴۹ اصلی مالکیت محمدرضا ابراهیمی.
۱۷ - کلاسه ۱۴۰۳۱۱۴۴۰۰۰۰۰۱۴۴۱۶ آقای مهدی فرزند علی ششدانگ یک قطعه زمین به مساحت ۳۶۹/۵۱ متر از پلاک ۱۷ فرعی از ۱۴۹ اصلی مالکیت فاطمه کریمی.
۱۸ - کلاسه ۱۴۰۳۱۱۴۴۰۰۰۰۰۱۴۴۲۲ آقای حسن فرزند محمد ششدانگ یک قطعه زمین مزروعی به مساحت ۸۱۹/۸۸ متر از پلاک ۱۸ فرعی از ۱۴۹ اصلی مالکیت عباس جعفری.
۱۹ - کلاسه ۱۴۰۳۱۱۴۴۰۰۰۰۰۱۴۴۲۸ آقای جواد فرزند حسن ششدانگ یکباب خانه به مساحت ۱۸۸/۶۷ متر از پلاک ۱۹ فرعی از ۱۴۹ اصلی مالکیت حبیب اله قاسمی.
۲۰ - کلاسه ۱۴۰۳۱۱۴۴۰۰۰۰۰۱۴۴۳۴ آقای سعید فرزند عباس ششدانگ یک قطعه زمین به مساحت ۵۳۷/۲۹ متر از پلاک ۲۰ فرعی از ۱۴۹ اصلی مالکیت جعفر ناظری.
۲۱ - کلاسه ۱۴۰۳۱۱۴۴۰۰۰۰۰۱۴۴۴۰ آقای ناصر فرزند قربان ششدانگ یک قطعه زمین زراعی به مساحت ۱۹۵۲/۱۶ متر از پلاک ۲۱ فرعی از ۱۴۹ اصلی مالکیت عباس قاسمی.
۲۲ - کلاسه ۱۴۰۳۱۱۴۴۰۰۰۰۰۱۴۴۴۶ آقای امیر فرزند رجب ششدانگ یکباب ساختمان به مساحت ۲۶۸/۳۷ متر از پلاک ۲۲ فرعی از ۱۴۹ اصلی مالکیت ابراهیم نوروزی.
۲۳ - کلاسه ۱۴۰۳۱۱۴۴۰۰۰۰۰۱۴۴۵۲ آقای اکبر فرزند کاظم ششدانگ یک قطعه زمین به مساحت ۴۱۲/۹۵ متر از پلاک ۲۳ فرعی از ۱۴۹ اصلی مالکیت رمضانعلی غلامی.
بلاک ۱۳۶ - اصلی مزرعه کلاتیک
کلاسه ۱۴۰۳۱۱۴۴۰۰۰۰۰۱۴۴۵۸ آقای علی اکبر اسعدی فرزند علی اکبر ششدانگ یک قطعه زمین به مساحت ۲۴۳/۶۵ متر از پلاک ۱ فرعی از ۱۳۶ اصلی مالکیت حسین بنت شاه.
پلاک ۱۳۷ - اصلی کلاته بغدادی
کلاسه ۱۴۰۳۱۱۴۴۰۰۰۰۰۱۴۴۶۴ آقای حسن محمدی فرزند علی ششدانگ یکباب خانه به مساحت ۳۱۵/۴۲ متر از پلاک ۲ فرعی از ۱۳۷ اصلی مالکیت حسین صالح.
کلاسه ۱۴۰۳۱۱۴۴۰۰۰۰۰۱۴۴۷۰ آقای محمد حسینی فرزند حسین ششدانگ یک قطعه زمین زراعی به مساحت ۱۰۷۲/۸۴ متر از پلاک ۳ فرعی از ۱۳۷ اصلی مالکیت حسین صالح.
پلاک ۱۴۲ - اصلی کبر
کلاسه ۱۴۰۳۱۱۴۴۰۰۰۰۰۱۴۴۷۶ آقای مهدی ابراهیمی فرزند محمد ششدانگ یک قطعه زمین به مساحت ۴۵۸/۲۲ متر از پلاک ۱ فرعی از ۱۴۲ اصلی مالکیت محمد ابراهیم حسینی.
کلاسه ۱۴۰۳۱۱۴۴۰۰۰۰۰۱۴۴۸۲ آقای رضا ابراهیمی فرزند محمد ششدانگ یکباب خانه به مساحت ۱۸۲/۶۰ متر از پلاک ۲ فرعی از ۱۴۲ اصلی مالکیت محمد ابراهیم حسینی.
کلاسه ۱۴۰۳۱۱۴۴۰۰۰۰۰۱۴۴۸۸ آقای حسین ابراهیمی فرزند محمد ششدانگ یک قطعه زمین زراعی به مساحت ۱۶۸۴/۹۳ متر از پلاک ۳ فرعی از ۱۴۲ اصلی مالکیت محمد ابراهیم حسینی.
کلاسه ۱۴۰۳۱۱۴۴۰۰۰۰۰۱۴۴۹۴ آقای علی ابراهیمی فرزند محمد ششدانگ یکباب ساختمان به مساحت ۲۹۴/۱۷ متر از پلاک ۴ فرعی از ۱۴۲ اصلی مالکیت محمد ابراهیم حسینی.
کلاسه ۱۴۰۳۱۱۴۴۰۰۰۰۰۱۴۵۰۰ آقای جواد ابراهیمی فرزند محمد ششدانگ یک قطعه زمین به مساحت ۵۲۷/۳۸ متر از پلاک ۵ فرعی از ۱۴۲ اصلی مالکیت محمد ابراهیم حسینی.
کلاسه ۱۴۰۳۱۱۴۴۰۰۰۰۰۱۴۵۰۶ آقای ناصر ابراهیمی فرزند محمد ششدانگ یک قطعه زمین مزروعی به مساحت ۸۶۳/۴۱ متر از پلاک ۶ فرعی از ۱۴۲ اصلی مالکیت محمد ابراهیم حسینی.
کلاسه ۱۴۰۳۱۱۴۴۰۰۰۰۰۱۴۵۱۲ آقای امیر ابراهیمی فرزند محمد ششدانگ یکباب خانه به مساحت ۱۶۱/۵۵ متر از پلاک ۷ فرعی از ۱۴۲ اصلی مالکیت محمد ابراهیم حسینی.
پلاک ۱۴۳ - اصلی ....
کلاسه ۱۴۰۳۱۱۴۴۰۰۰۰۰۱۴۵۱۸ آقای محمد تاج فرزند علی ششدانگ یک قطعه زمین به مساحت ۳۶۹/۵۸ متر از پلاک ۱ فرعی از ۱۴۳ اصلی مالکیت حسن حسینی.
کلاسه ۱۴۰۳۱۱۴۴۰۰۰۰۰۱۴۵۲۴ آقای علی تاج فرزند علی ششدانگ یکباب ساختمان به مساحت ۲۷۱/۴۶ متر از پلاک ۲ فرعی از ۱۴۳ اصلی مالکیت حسن حسینی.
کلاسه ۱۴۰۳۱۱۴۴۰۰۰۰۰۱۴۵۳۰ آقای حسین تاج فرزند علی ششدانگ یک قطعه زمین زراعی به مساحت ۱۲۸۹/۰۷ متر از پلاک ۳ فرعی از ۱۴۳ اصلی مالکیت حسن حسینی.
کلاسه ۱۴۰۳۱۱۴۴۰۰۰۰۰۱۴۵۳۶ آقای مهدی تاج فرزند علی ششدانگ یک قطعه زمین به مساحت ۶۰۲/۲۳ متر از پلاک ۴ فرعی از ۱۴۳ اصلی مالکیت حسن حسینی.
کلاسه ۱۴۰۳۱۱۴۴۰۰۰۰۰۱۴۵۴۲ آقای رضا تاج فرزند علی ششدانگ یکباب خانه به مساحت ۱۷۹/۸۴ متر از پلاک ۵ فرعی از ۱۴۳ اصلی مالکیت حسن حسینی.
کلاسه ۱۴۰۳۱۱۴۴۰۰۰۰۰۱۴۵۴۸ آقای جواد تاج فرزند علی ششدانگ یک قطعه زمین مزروعی به مساحت ۹۴۴/۶۶ متر از پلاک ۶ فرعی از ۱۴۳ اصلی مالکیت حسن حسینی.
کلاسه ۱۴۰۳۱۱۴۴۰۰۰۰۰۱۴۵۵۴ آقای سعید تاج فرزند علی ششدانگ یکباب ساختمان به مساحت ۳۰۸/۱۹ متر از پلاک ۷ فرعی از ۱۴۳ اصلی مالکیت حسن حسینی.
کلاسه ۱۴۰۳۱۱۴۴۰۰۰۰۰۱۴۵۶۰ آقای ناصر تاج فرزند علی ششدانگ یک قطعه زمین به مساحت ۴۴۷/۹۲ متر از پلاک ۸ فرعی از ۱۴۳ اصلی مالکیت حسن حسینی.
کلاسه ۱۴۰۳۱۱۴۴۰۰۰۰۰۱۴۵۶۶ آقای امیر تاج فرزند علی ششدانگ یک قطعه زمین زراعی به مساحت ۱۵۳۶/۲۴ متر از پلاک ۹ فرعی از ۱۴۳ اصلی مالکیت حسن حسینی.
پلاک ۱۵۲ - اصلی احمد آباد سنگلی
کلاسه ۱۴۰۳۱۱۴۴۰۰۰۰۰۱۴۵۷۲ آقای محمد سیاهی فرزند حسن ششدانگ یک قطعه زمین به مساحت ۵۴۳/۳۱ متر از پلاک ۱ فرعی از ۱۵۲ اصلی مالکیت محمد ابراهیم حسینی.
کلاسه ۱۴۰۳۱۱۴۴۰۰۰۰۰۱۴۵۷۸ آقای علی سیاهی فرزند حسن ششدانگ یکباب خانه به مساحت ۱۹۰/۷۴ متر از پلاک ۲ فرعی از ۱۵۲ اصلی مالکیت محمد ابراهیم حسینی.
کلاسه ۱۴۰۳۱۱۴۴۰۰۰۰۰۱۴۵۸۴ آقای حسین سیاهی فرزند حسن ششدانگ یک قطعه زمین زراعی به مساحت ۱۳۷۶/۸۲ متر از پلاک ۳ فرعی از ۱۵۲ اصلی مالکیت محمد ابراهیم حسینی.
کلاسه ۱۴۰۳۱۱۴۴۰۰۰۰۰۱۴۵۹۰ آقای مهدی سیاهی فرزند حسن ششدانگ یکباب ساختمان به مساحت ۲۸۵/۶۳ متر از پلاک ۴ فرعی از ۱۵۲ اصلی مالکیت محمد ابراهیم حسینی.
کلاسه ۱۴۰۳۱۱۴۴۰۰۰۰۰۱۴۵۹۶ آقای رضا سیاهی فرزند حسن ششدانگ یک قطعه زمین به مساحت ۴۲۹/۱۵ متر از پلاک ۵ فرعی از ۱۵۲ اصلی مالکیت محمد ابراهیم حسینی.
کلاسه ۱۴۰۳۱۱۴۴۰۰۰۰۰۱۴۶۰۲ آقای جواد سیاهی فرزند حسن ششدانگ یک قطعه زمین مزروعی به مساحت ۷۵۸/۴۷ متر از پلاک ۶ فرعی از ۱۵۲ اصلی مالکیت محمد ابراهیم حسینی.
پلاک ۱۵۴ - اصلی خیر آباد و علی آباد
کلاسه ۱۴۰۳۱۱۴۴۰۰۰۰۰۱۴۶۰۸ آقای محمد نوری فرزند احمد ششدانگ یک قطعه زمین به مساحت ۳۸۲/۶۸ متر از پلاک ۱ فرعی از ۱۵۴ اصلی مالکیت حسن حسینی.
کلاسه ۱۴۰۳۱۱۴۴۰۰۰۰۰۱۴۶۱۴ آقای علی نوری فرزند احمد ششدانگ یکباب خانه به مساحت ۱۷۶/۳۹ متر از پلاک ۲ فرعی از ۱۵۴ اصلی مالکیت حسن حسینی.
کلاسه ۱۴۰۳۱۱۴۴۰۰۰۰۰۱۴۶۲۰ آقای حسین نوری فرزند احمد ششدانگ یک قطعه زمین زراعی به مساحت ۱۱۹۳/۵۶ متر از پلاک ۳ فرعی از ۱۵۴ اصلی مالکیت حسن حسینی.
لذا به موجب ماده ۳ قانون و ماده ۱۳ آیین نامه قانون تعیین تکلیف وضعیت ثبتی اراضی و ساختمانهای فاقد سند رسمی مراتب در دو نوبت به فاصله ۱۵ روز آگهی می شود در صورتی که اشخاص نسبت به صدور سند مالکیت متقاضی اعتراضی داشته باشند می توانند از تاریخ انتشار اولین آگهی به مدت دو ماه اعتراض خود را به اداره ثبت اسناد و املاک محل تسلیم و پس از اخذ رسید ظرف یک ماه از تاریخ تسلیم اعتراض نسبت به تقدیم دادخواست به مرجع ذیصلاح قضائی اقدام نمایند.
تاریخ انتشار نوبت اول: ۱۴۰۳/۰۶/۲۹ — تاریخ انتشار نوبت دوم: ۱۴۰۳/۰۷/۱۳
محمد حسین پیروح — رئیس اداره ثبت اسناد و املاک اسفراین
